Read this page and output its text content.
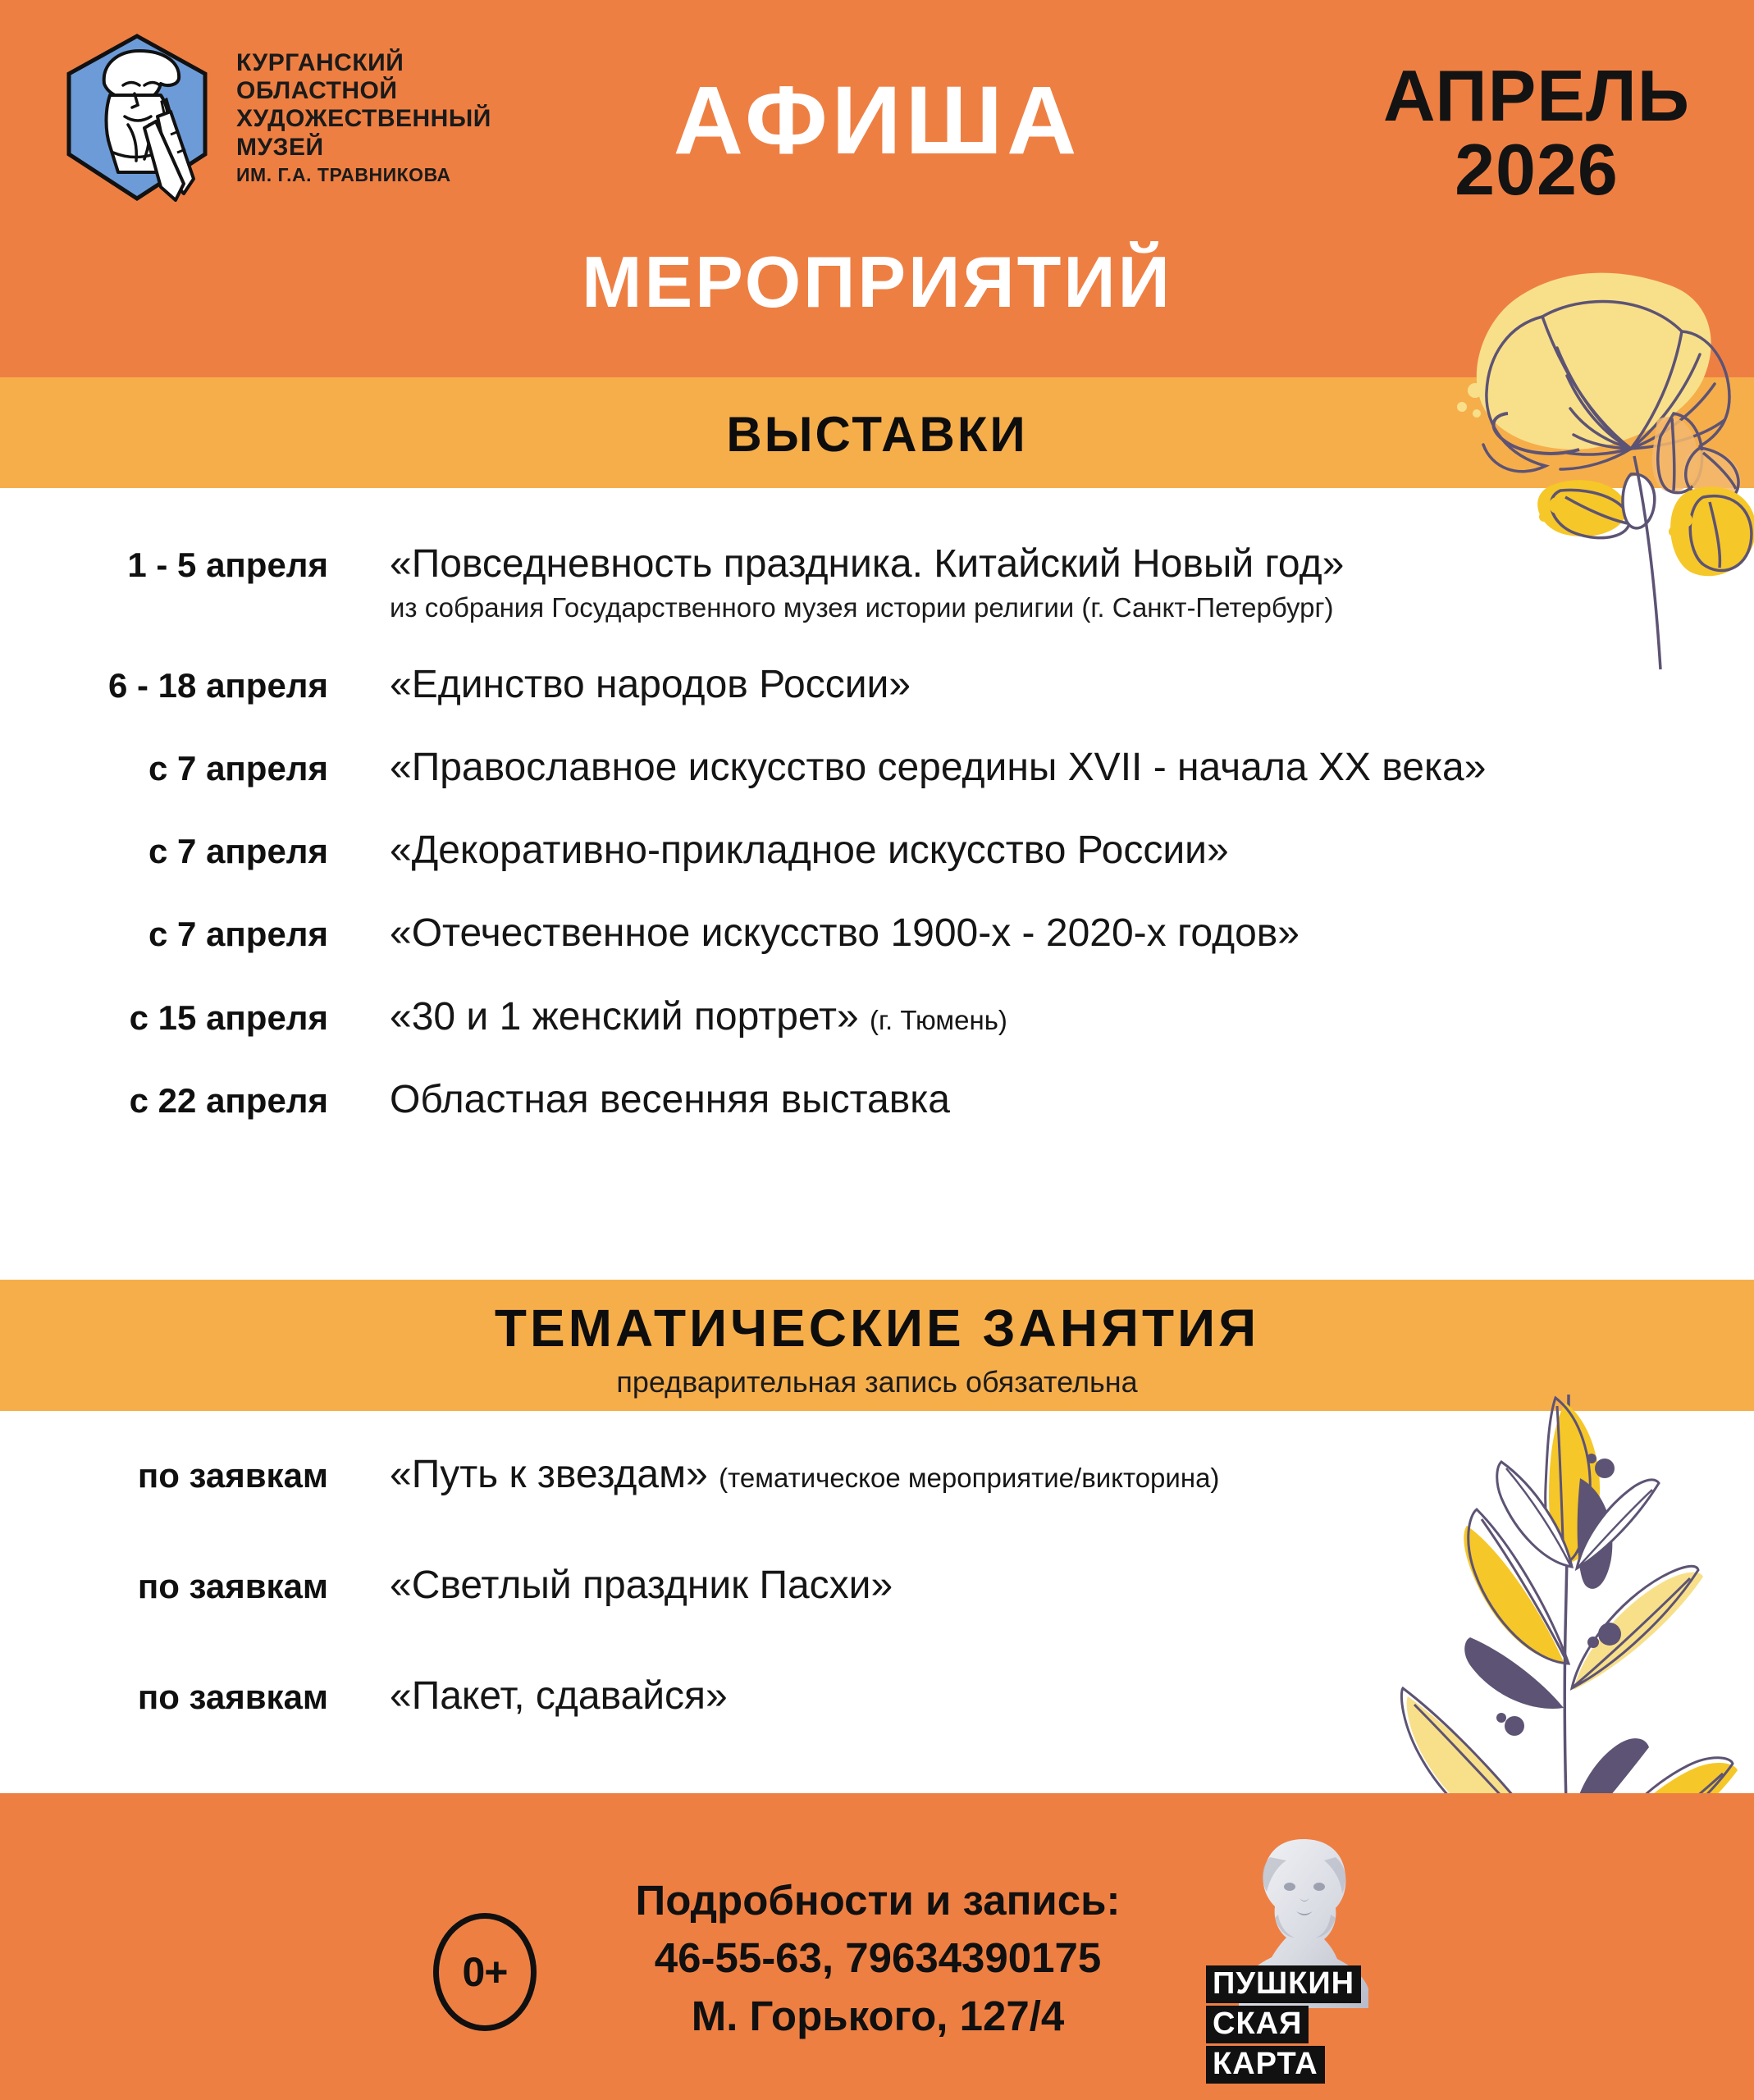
КУРГАНСКИЙ
ОБЛАСТНОЙ
ХУДОЖЕСТВЕННЫЙ
МУЗЕЙ
ИМ. Г.А. ТРАВНИКОВА	АФИША
МЕРОПРИЯТИЙ
АПРЕЛЬ
2026
ВЫСТАВКИ
1 - 5 апреля «Повседневность праздника. Китайский Новый год»
из собрания Государственного музея истории религии (г. Санкт-Петербург)
6 - 18 апреля «Единство народов России»
с 7 апреля «Православное искусство середины XVII - начала XX века»
с 7 апреля «Декоративно-прикладное искусство России»
с 7 апреля «Отечественное искусство 1900-х - 2020-х годов»
с 15 апреля «30 и 1 женский портрет» (г. Тюмень)
с 22 апреля Областная весенняя выставка
ТЕМАТИЧЕСКИЕ ЗАНЯТИЯ
предварительная запись обязательна
по заявкам «Путь к звездам» (тематическое мероприятие/викторина)
по заявкам «Светлый праздник Пасхи»
по заявкам «Пакет, сдавайся»
0+
Подробности и запись:
46-55-63, 79634390175
М. Горького, 127/4
ПУШКИН
СКАЯ
КАРТА
